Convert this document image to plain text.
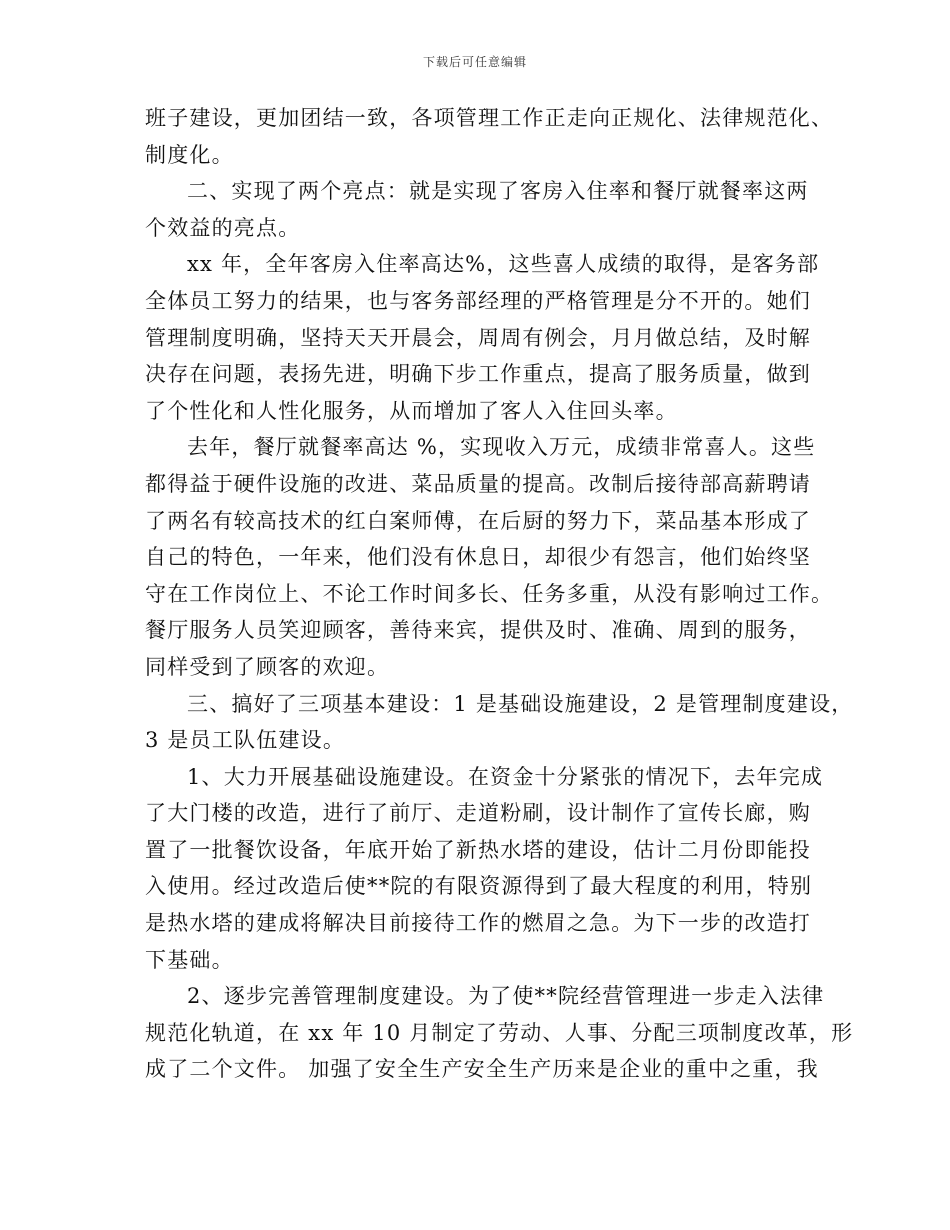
下载后可任意编辑
班子建设，更加团结一致，各项管理工作正走向正规化、法律规范化、
制度化。
二、实现了两个亮点：就是实现了客房入住率和餐厅就餐率这两
个效益的亮点。
xx 年，全年客房入住率高达%，这些喜人成绩的取得，是客务部
全体员工努力的结果，也与客务部经理的严格管理是分不开的。她们
管理制度明确，坚持天天开晨会，周周有例会，月月做总结，及时解
决存在问题，表扬先进，明确下步工作重点，提高了服务质量，做到
了个性化和人性化服务，从而增加了客人入住回头率。
去年，餐厅就餐率高达 %，实现收入万元，成绩非常喜人。这些
都得益于硬件设施的改进、菜品质量的提高。改制后接待部高薪聘请
了两名有较高技术的红白案师傅，在后厨的努力下，菜品基本形成了
自己的特色，一年来，他们没有休息日，却很少有怨言，他们始终坚
守在工作岗位上、不论工作时间多长、任务多重，从没有影响过工作。
餐厅服务人员笑迎顾客，善待来宾，提供及时、准确、周到的服务，
同样受到了顾客的欢迎。
三、搞好了三项基本建设：1 是基础设施建设，2 是管理制度建设，
3 是员工队伍建设。
1、大力开展基础设施建设。在资金十分紧张的情况下，去年完成
了大门楼的改造，进行了前厅、走道粉刷，设计制作了宣传长廊，购
置了一批餐饮设备，年底开始了新热水塔的建设，估计二月份即能投
入使用。经过改造后使**院的有限资源得到了最大程度的利用，特别
是热水塔的建成将解决目前接待工作的燃眉之急。为下一步的改造打
下基础。
2、逐步完善管理制度建设。为了使**院经营管理进一步走入法律
规范化轨道，在 xx 年 10 月制定了劳动、人事、分配三项制度改革，形
成了二个文件。 加强了安全生产安全生产历来是企业的重中之重，我
